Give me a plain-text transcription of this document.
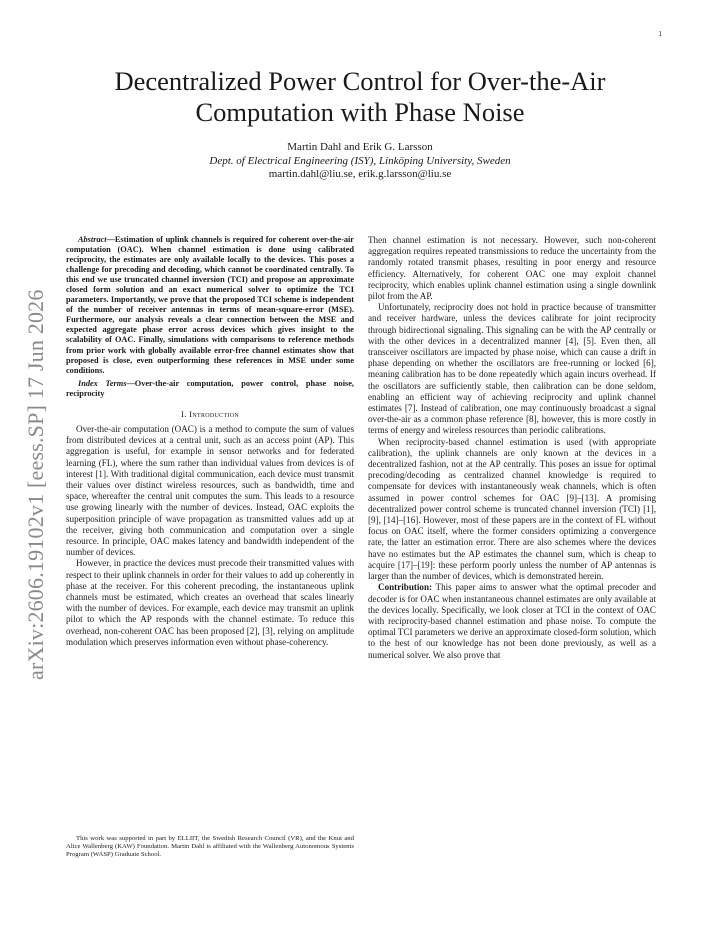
1
arXiv:2606.19102v1 [eess.SP] 17 Jun 2026
Decentralized Power Control for Over-the-Air Computation with Phase Noise
Martin Dahl and Erik G. Larsson
Dept. of Electrical Engineering (ISY), Linköping University, Sweden
martin.dahl@liu.se, erik.g.larsson@liu.se

Abstract—Estimation of uplink channels is required for coherent over-the-air computation (OAC). When channel estimation is done using calibrated reciprocity, the estimates are only available locally to the devices. This poses a challenge for precoding and decoding, which cannot be coordinated centrally. To this end we use truncated channel inversion (TCI) and propose an approximate closed form solution and an exact numerical solver to optimize the TCI parameters. Importantly, we prove that the proposed TCI scheme is independent of the number of receiver antennas in terms of mean-square-error (MSE). Furthermore, our analysis reveals a clear connection between the MSE and expected aggregate phase error across devices which gives insight to the scalability of OAC. Finally, simulations with comparisons to reference methods from prior work with globally available error-free channel estimates show that proposed is close, even outperforming these references in MSE under some conditions.

Index Terms—Over-the-air computation, power control, phase noise, reciprocity

I. Introduction

Over-the-air computation (OAC) is a method to compute the sum of values from distributed devices at a central unit, such as an access point (AP). This aggregation is useful, for example in sensor networks and for federated learning (FL), where the sum rather than individual values from devices is of interest [1]. With traditional digital communication, each device must transmit their values over distinct wireless resources, such as bandwidth, time and space, whereafter the central unit computes the sum. This leads to a resource use growing linearly with the number of devices. Instead, OAC exploits the superposition principle of wave propagation as transmitted values add up at the receiver, giving both communication and computation over a single resource. In principle, OAC makes latency and bandwidth independent of the number of devices.

However, in practice the devices must precode their transmitted values with respect to their uplink channels in order for their values to add up coherently in phase at the receiver. For this coherent precoding, the instantaneous uplink channels must be estimated, which creates an overhead that scales linearly with the number of devices. For example, each device may transmit an uplink pilot to which the AP responds with the channel estimate. To reduce this overhead, non-coherent OAC has been proposed [2], [3], relying on amplitude modulation which preserves information even without phase-coherency.

This work was supported in part by ELLIIT, the Swedish Research Council (VR), and the Knut and Alice Wallenberg (KAW) Foundation. Martin Dahl is affiliated with the Wallenberg Autonomous Systems Program (WASP) Graduate School.

Then channel estimation is not necessary. However, such non-coherent aggregation requires repeated transmissions to reduce the uncertainty from the randomly rotated transmit phases, resulting in poor energy and resource efficiency. Alternatively, for coherent OAC one may exploit channel reciprocity, which enables uplink channel estimation using a single downlink pilot from the AP.

Unfortunately, reciprocity does not hold in practice because of transmitter and receiver hardware, unless the devices calibrate for joint reciprocity through bidirectional signaling. This signaling can be with the AP centrally or with the other devices in a decentralized manner [4], [5]. Even then, all transceiver oscillators are impacted by phase noise, which can cause a drift in phase depending on whether the oscillators are free-running or locked [6], meaning calibration has to be done repeatedly which again incurs overhead. If the oscillators are sufficiently stable, then calibration can be done seldom, enabling an efficient way of achieving reciprocity and uplink channel estimates [7]. Instead of calibration, one may continuously broadcast a signal over-the-air as a common phase reference [8], however, this is more costly in terms of energy and wireless resources than periodic calibrations.

When reciprocity-based channel estimation is used (with appropriate calibration), the uplink channels are only known at the devices in a decentralized fashion, not at the AP centrally. This poses an issue for optimal precoding/decoding as centralized channel knowledge is required to compensate for devices with instantaneously weak channels, which is often assumed in power control schemes for OAC [9]–[13]. A promising decentralized power control scheme is truncated channel inversion (TCI) [1], [9], [14]–[16]. However, most of these papers are in the context of FL without focus on OAC itself, where the former considers optimizing a convergence rate, the latter an estimation error. There are also schemes where the devices have no estimates but the AP estimates the channel sum, which is cheap to acquire [17]–[19]: these perform poorly unless the number of AP antennas is larger than the number of devices, which is demonstrated herein.

Contribution: This paper aims to answer what the optimal precoder and decoder is for OAC when instantaneous channel estimates are only available at the devices locally. Specifically, we look closer at TCI in the context of OAC with reciprocity-based channel estimation and phase noise. To compute the optimal TCI parameters we derive an approximate closed-form solution, which to the best of our knowledge has not been done previously, as well as a numerical solver. We also prove that
